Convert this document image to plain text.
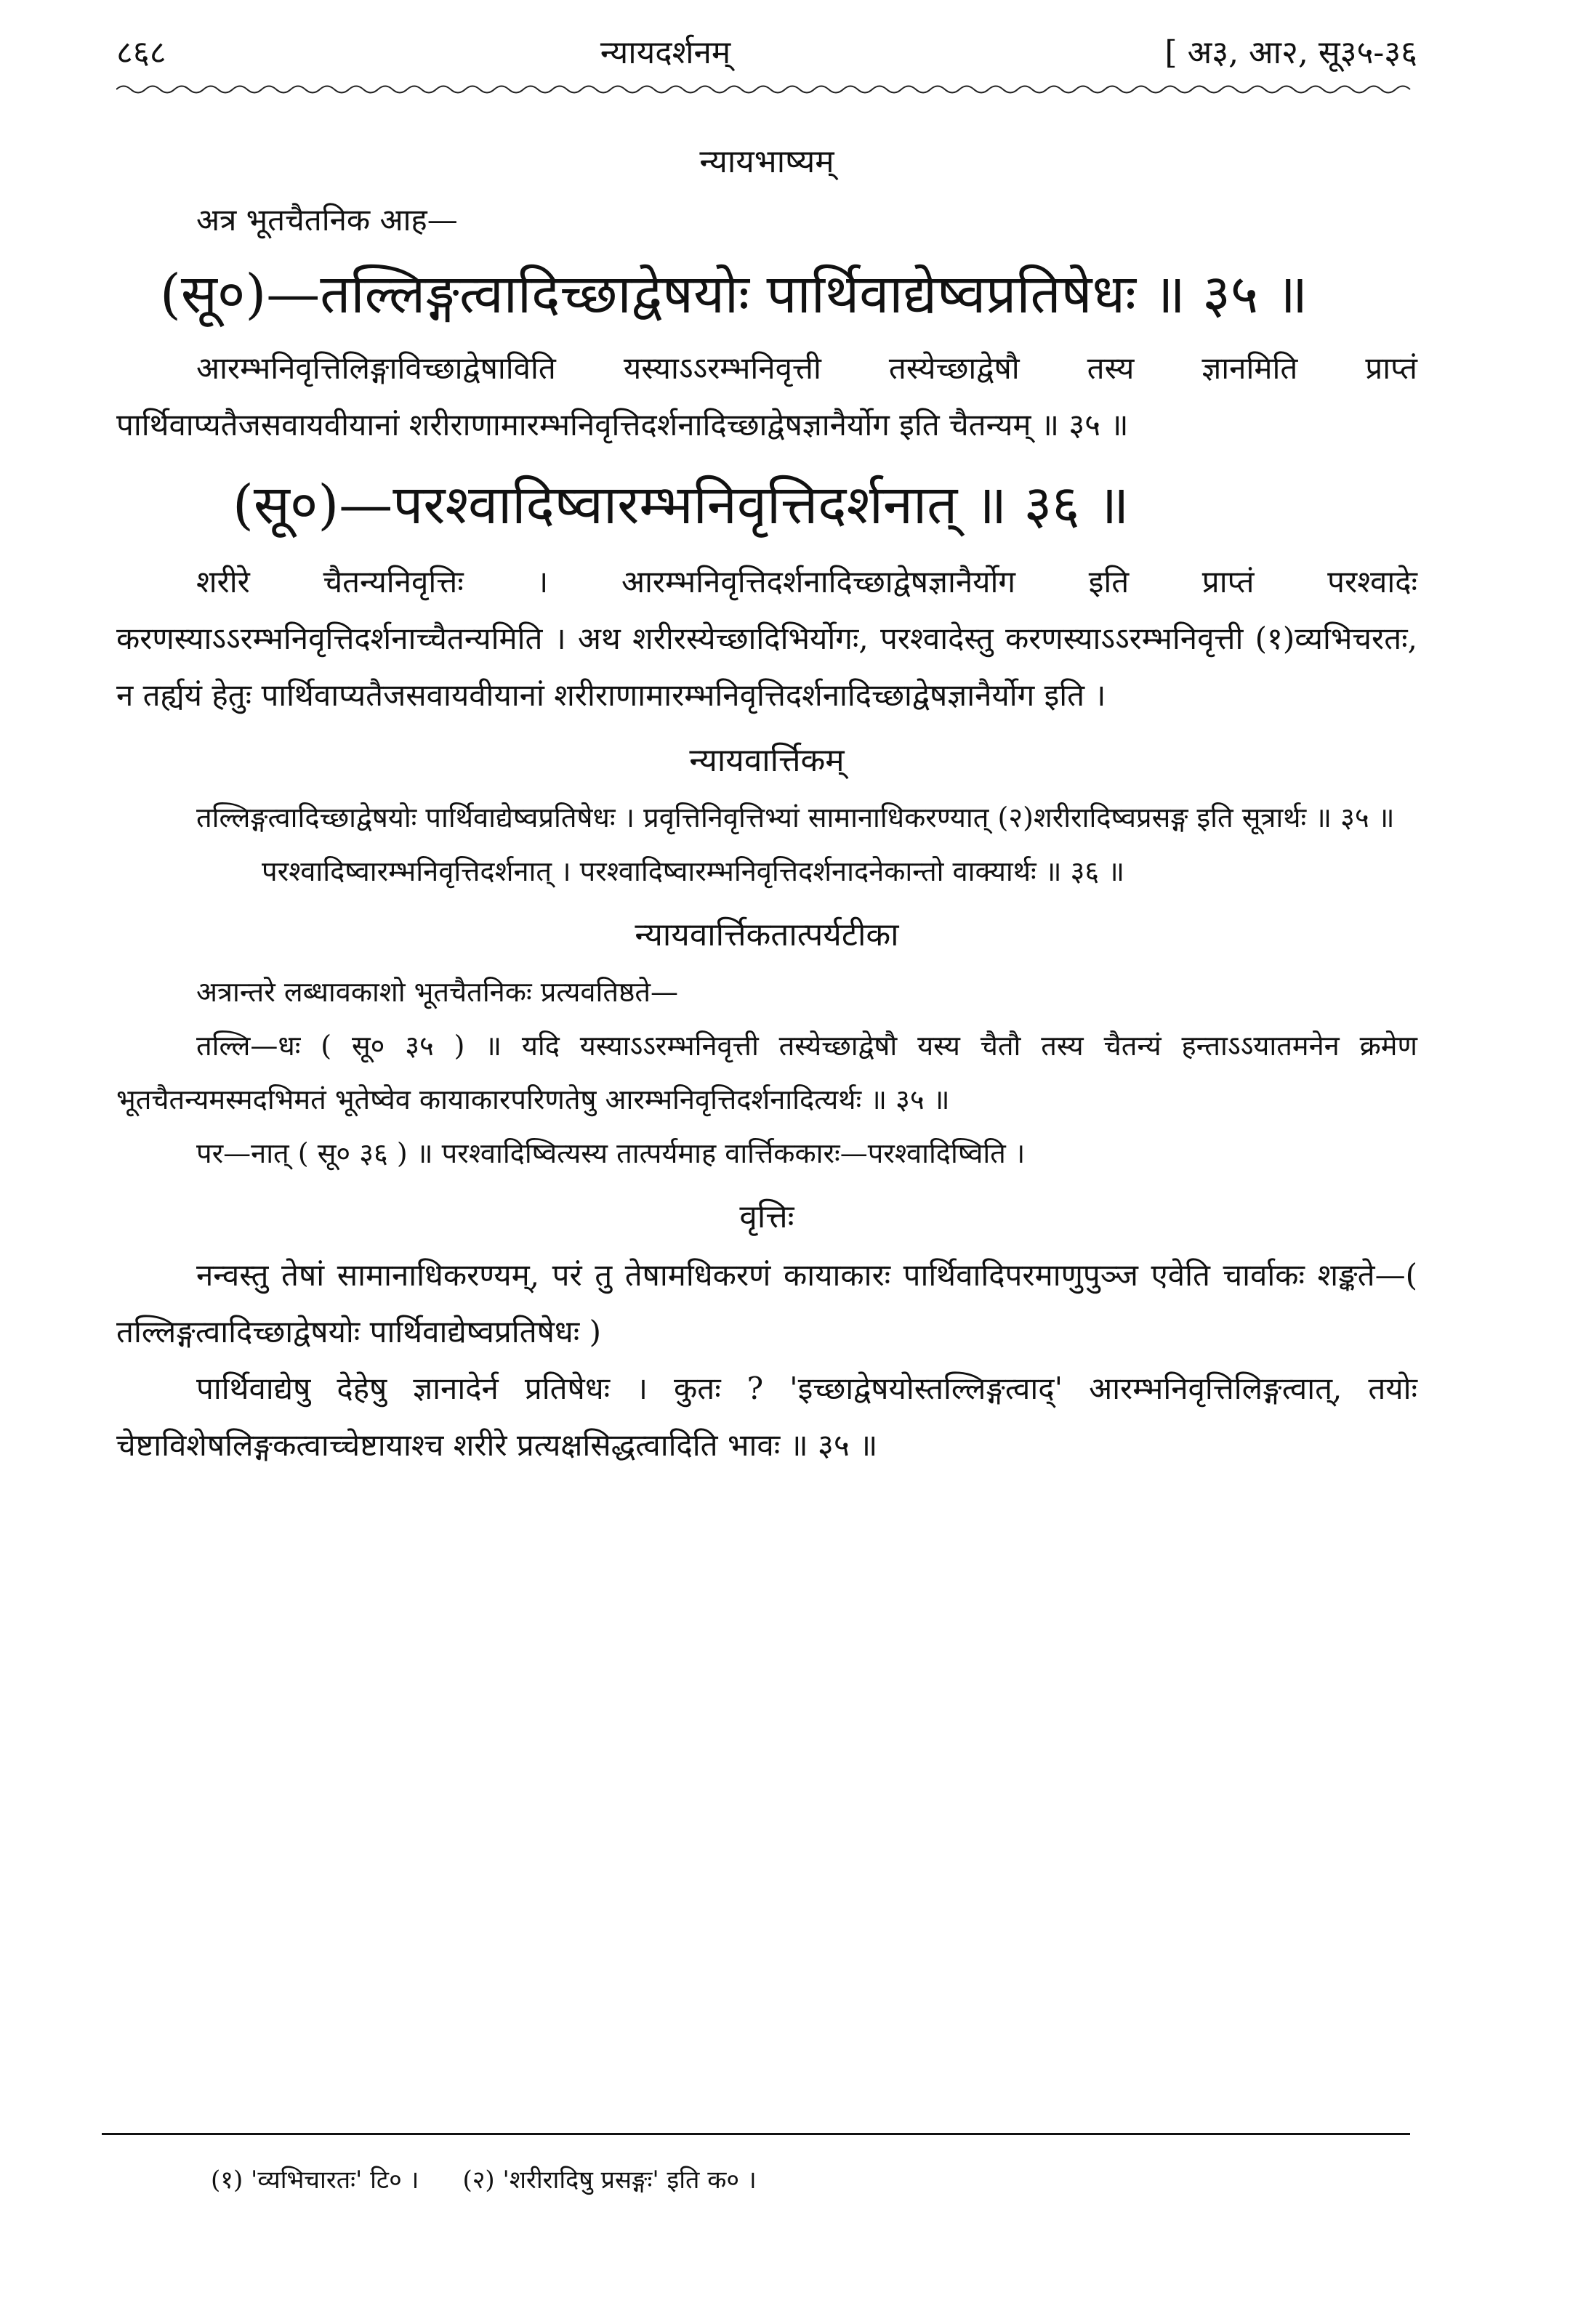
८६८	न्यायदर्शनम्	[ अ३, आ२, सू३५-३६
न्यायभाष्यम्

अत्र भूतचैतनिक आह—

(सू०)—तल्लिङ्गत्वादिच्छाद्वेषयोः पार्थिवाद्येष्वप्रतिषेधः ॥ ३५ ॥

आरम्भनिवृत्तिलिङ्गाविच्छाद्वेषाविति यस्याऽऽरम्भनिवृत्ती तस्येच्छाद्वेषौ तस्य ज्ञानमिति प्राप्तं पार्थिवाप्यतैजसवायवीयानां शरीराणामारम्भनिवृत्तिदर्शनादिच्छाद्वेषज्ञानैर्योग इति चैतन्यम् ॥ ३५ ॥

(सू०)—परश्वादिष्वारम्भनिवृत्तिदर्शनात् ॥ ३६ ॥

शरीरे चैतन्यनिवृत्तिः । आरम्भनिवृत्तिदर्शनादिच्छाद्वेषज्ञानैर्योग इति प्राप्तं परश्वादेः करणस्याऽऽरम्भनिवृत्तिदर्शनाच्चैतन्यमिति । अथ शरीरस्येच्छादिभिर्योगः, परश्वादेस्तु करणस्याऽऽरम्भनिवृत्ती (१)व्यभिचरतः, न तर्ह्ययं हेतुः पार्थिवाप्यतैजसवायवीयानां शरीराणामारम्भनिवृत्तिदर्शनादिच्छाद्वेषज्ञानैर्योग इति ।

न्यायवार्त्तिकम्

तल्लिङ्गत्वादिच्छाद्वेषयोः पार्थिवाद्येष्वप्रतिषेधः । प्रवृत्तिनिवृत्तिभ्यां सामानाधिकरण्यात् (२)शरीरादिष्वप्रसङ्ग इति सूत्रार्थः ॥ ३५ ॥

परश्वादिष्वारम्भनिवृत्तिदर्शनात् । परश्वादिष्वारम्भनिवृत्तिदर्शनादनेकान्तो वाक्यार्थः ॥ ३६ ॥

न्यायवार्त्तिकतात्पर्यटीका

अत्रान्तरे लब्धावकाशो भूतचैतनिकः प्रत्यवतिष्ठते—

तल्लि—धः ( सू० ३५ ) ॥ यदि यस्याऽऽरम्भनिवृत्ती तस्येच्छाद्वेषौ यस्य चैतौ तस्य चैतन्यं हन्ताऽऽयातमनेन क्रमेण भूतचैतन्यमस्मदभिमतं भूतेष्वेव कायाकारपरिणतेषु आरम्भनिवृत्तिदर्शनादित्यर्थः ॥ ३५ ॥

पर—नात् ( सू० ३६ ) ॥ परश्वादिष्वित्यस्य तात्पर्यमाह वार्त्तिककारः—परश्वादिष्विति ।

वृत्तिः

नन्वस्तु तेषां सामानाधिकरण्यम्, परं तु तेषामधिकरणं कायाकारः पार्थिवादिपरमाणुपुञ्ज एवेति चार्वाकः शङ्कते—( तल्लिङ्गत्वादिच्छाद्वेषयोः पार्थिवाद्येष्वप्रतिषेधः )

पार्थिवाद्येषु देहेषु ज्ञानादेर्न प्रतिषेधः । कुतः ? 'इच्छाद्वेषयोस्तल्लिङ्गत्वाद्' आरम्भनिवृत्तिलिङ्गत्वात्, तयोः चेष्टाविशेषलिङ्गकत्वाच्चेष्टायाश्च शरीरे प्रत्यक्षसिद्धत्वादिति भावः ॥ ३५ ॥

(१) 'व्यभिचारतः' टि० । (२) 'शरीरादिषु प्रसङ्गः' इति क० ।
